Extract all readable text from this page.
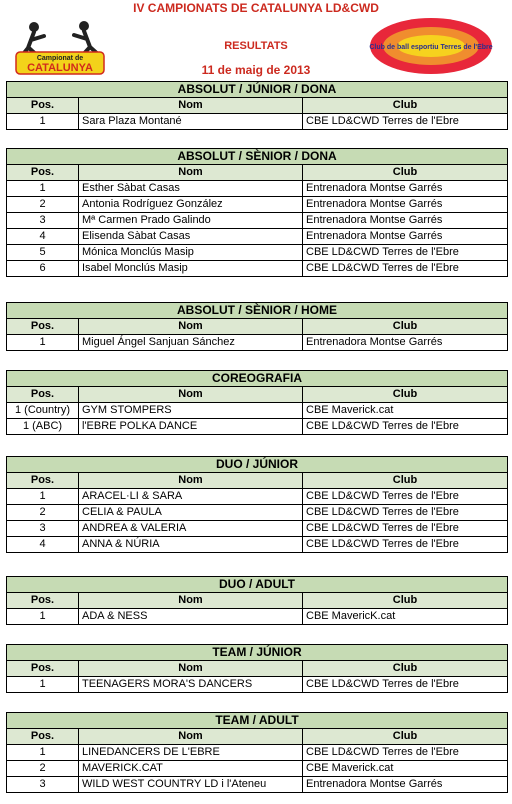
IV CAMPIONATS DE CATALUNYA LD&CWD
Campionat de
CATALUNYA
RESULTATS
11 de maig de 2013
Club de ball esportiu Terres de l'Ebre
ABSOLUT / JÚNIOR / DONA		
Pos.	Nom	Club
1	Sara Plaza Montané	CBE LD&CWD Terres de l'Ebre
ABSOLUT / SÈNIOR / DONA		
Pos.	Nom	Club
1	Esther Sàbat Casas	Entrenadora Montse Garrés
2	Antonia Rodríguez González	Entrenadora Montse Garrés
3	Mª Carmen Prado Galindo	Entrenadora Montse Garrés
4	Elisenda Sàbat Casas	Entrenadora Montse Garrés
5	Mónica Monclús Masip	CBE LD&CWD Terres de l'Ebre
6	Isabel Monclús Masip	CBE LD&CWD Terres de l'Ebre
ABSOLUT / SÈNIOR / HOME		
Pos.	Nom	Club
1	Miguel Ángel Sanjuan Sánchez	Entrenadora Montse Garrés
COREOGRAFIA		
Pos.	Nom	Club
1 (Country)	GYM STOMPERS	CBE Maverick.cat
1 (ABC)	l'EBRE POLKA DANCE	CBE LD&CWD Terres de l'Ebre
DUO / JÚNIOR		
Pos.	Nom	Club
1	ARACEL·LI & SARA	CBE LD&CWD Terres de l'Ebre
2	CELIA & PAULA	CBE LD&CWD Terres de l'Ebre
3	ANDREA & VALERIA	CBE LD&CWD Terres de l'Ebre
4	ANNA & NÚRIA	CBE LD&CWD Terres de l'Ebre
DUO / ADULT		
Pos.	Nom	Club
1	ADA & NESS	CBE MavericK.cat
TEAM / JÚNIOR		
Pos.	Nom	Club
1	TEENAGERS MORA'S DANCERS	CBE LD&CWD Terres de l'Ebre
TEAM / ADULT		
Pos.	Nom	Club
1	LINEDANCERS DE L'EBRE	CBE LD&CWD Terres de l'Ebre
2	MAVERICK.CAT	CBE Maverick.cat
3	WILD WEST COUNTRY LD i l'Ateneu	Entrenadora Montse Garrés
